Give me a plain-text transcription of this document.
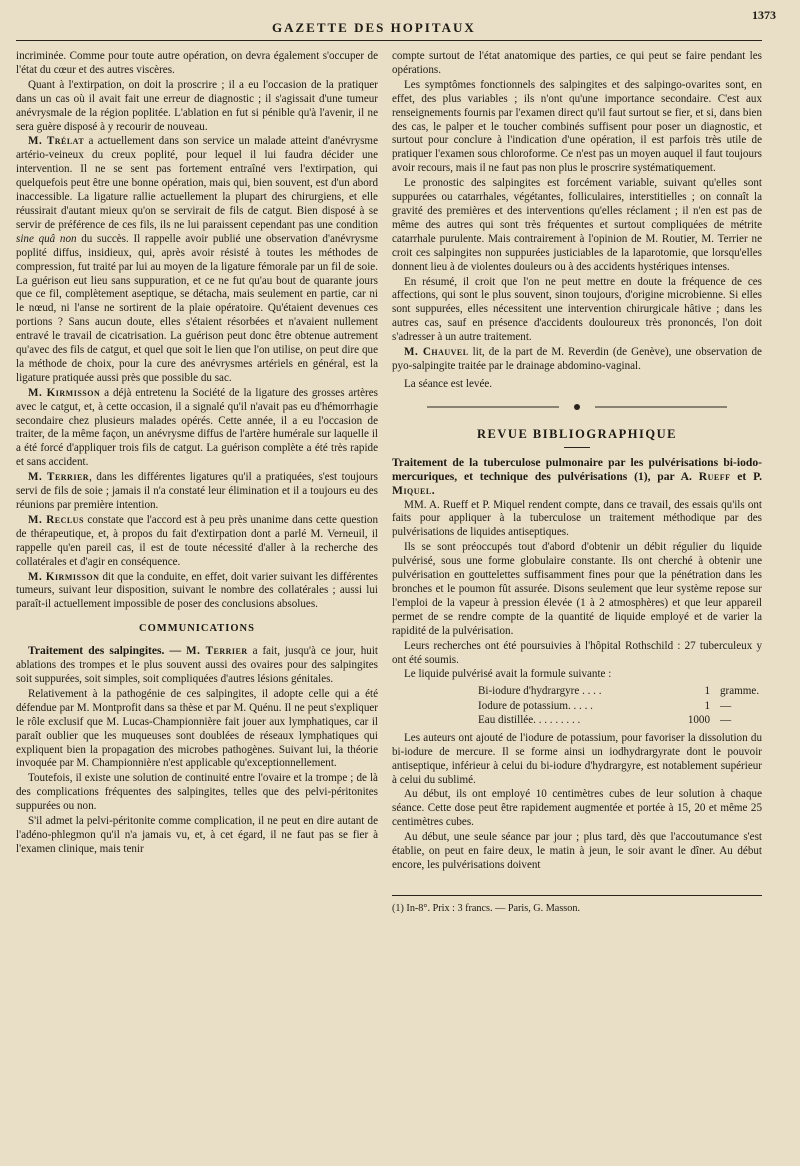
GAZETTE DES HOPITAUX
1373

incriminée. Comme pour toute autre opération, on devra également s'occuper de l'état du cœur et des autres viscères.

Quant à l'extirpation, on doit la proscrire ; il a eu l'occasion de la pratiquer dans un cas où il avait fait une erreur de diagnostic ; il s'agissait d'une tumeur anévrysmale de la région poplitée. L'ablation en fut si pénible qu'à l'avenir, il ne sera guère disposé à y recourir de nouveau.

M. Trélat a actuellement dans son service un malade atteint d'anévrysme artério-veineux du creux poplité, pour lequel il lui faudra décider une intervention. Il ne se sent pas fortement entraîné vers l'extirpation, qui quelquefois peut être une bonne opération, mais qui, bien souvent, est d'un abord inaccessible. La ligature rallie actuellement la plupart des chirurgiens, et elle réussirait d'autant mieux qu'on se servirait de fils de catgut. Bien disposé à se servir de préférence de ces fils, ils ne lui paraissent cependant pas une condition sine quâ non du succès. Il rappelle avoir publié une observation d'anévrysme poplité diffus, insidieux, qui, après avoir résisté à toutes les méthodes de compression, fut traité par lui au moyen de la ligature fémorale par un fil de soie. La guérison eut lieu sans suppuration, et ce ne fut qu'au bout de quarante jours que ce fil, complètement aseptique, se détacha, mais seulement en partie, car ni le nœud, ni l'anse ne sortirent de la plaie opératoire. Qu'étaient devenues ces portions ? Sans aucun doute, elles s'étaient résorbées et n'avaient nullement entravé le travail de cicatrisation. La guérison peut donc être obtenue autrement qu'avec des fils de catgut, et quel que soit le lien que l'on utilise, on peut dire que la méthode de choix, pour la cure des anévrysmes artériels en général, est la ligature pratiquée aussi près que possible du sac.

M. Kirmisson a déjà entretenu la Société de la ligature des grosses artères avec le catgut, et, à cette occasion, il a signalé qu'il n'avait pas eu d'hémorrhagie secondaire chez plusieurs malades opérés. Cette année, il a eu l'occasion de traiter, de la même façon, un anévrysme diffus de l'artère humérale sur laquelle il a été forcé d'appliquer trois fils de catgut. La guérison complète a été très rapide et sans accident.

M. Terrier, dans les différentes ligatures qu'il a pratiquées, s'est toujours servi de fils de soie ; jamais il n'a constaté leur élimination et il a toujours eu des réunions par première intention.

M. Reclus constate que l'accord est à peu près unanime dans cette question de thérapeutique, et, à propos du fait d'extirpation dont a parlé M. Verneuil, il rappelle qu'en pareil cas, il est de toute nécessité d'aller à la recherche des collatérales et d'agir en conséquence.

M. Kirmisson dit que la conduite, en effet, doit varier suivant les différentes tumeurs, suivant leur disposition, suivant le nombre des collatérales ; aussi lui paraît-il actuellement impossible de poser des conclusions absolues.

COMMUNICATIONS

Traitement des salpingites. — M. Terrier a fait, jusqu'à ce jour, huit ablations des trompes et le plus souvent aussi des ovaires pour des salpingites soit suppurées, soit simples, soit compliquées d'autres lésions génitales.

Relativement à la pathogénie de ces salpingites, il adopte celle qui a été défendue par M. Montprofit dans sa thèse et par M. Quénu. Il ne peut s'expliquer le rôle exclusif que M. Lucas-Championnière fait jouer aux lymphatiques, car il paraît oublier que les muqueuses sont doublées de réseaux lymphatiques qui expliquent bien la propagation des microbes pathogènes. Suivant lui, la théorie invoquée par M. Championnière n'est applicable qu'exceptionnellement.

Toutefois, il existe une solution de continuité entre l'ovaire et la trompe ; de là des complications fréquentes des salpingites, telles que des pelvi-péritonites suppurées ou non.

S'il admet la pelvi-péritonite comme complication, il ne peut en dire autant de l'adéno-phlegmon qu'il n'a jamais vu, et, à cet égard, il ne faut pas se fier à l'examen clinique, mais tenir

compte surtout de l'état anatomique des parties, ce qui peut se faire pendant les opérations.

Les symptômes fonctionnels des salpingites et des salpingo-ovarites sont, en effet, des plus variables ; ils n'ont qu'une importance secondaire. C'est aux renseignements fournis par l'examen direct qu'il faut surtout se fier, et si, dans bien des cas, le palper et le toucher combinés suffisent pour poser un diagnostic, et surtout pour conclure à l'indication d'une opération, il est parfois très utile de pratiquer l'examen sous chloroforme. Ce n'est pas un moyen auquel il faut toujours avoir recours, mais il ne faut pas non plus le proscrire systématiquement.

Le pronostic des salpingites est forcément variable, suivant qu'elles sont suppurées ou catarrhales, végétantes, folliculaires, interstitielles ; on connaît la gravité des premières et des interventions qu'elles réclament ; il n'en est pas de même des autres qui sont très fréquentes et surtout compliquées de métrite catarrhale purulente. Mais contrairement à l'opinion de M. Routier, M. Terrier ne croit ces salpingites non suppurées justiciables de la laparotomie, que lorsqu'elles donnent lieu à de violentes douleurs ou à des accidents hystériques intenses.

En résumé, il croit que l'on ne peut mettre en doute la fréquence de ces affections, qui sont le plus souvent, sinon toujours, d'origine microbienne. Si elles sont suppurées, elles nécessitent une intervention chirurgicale hâtive ; dans les autres cas, sauf en présence d'accidents douloureux très prononcés, l'on doit s'adresser à un autre traitement.

M. Chauvel lit, de la part de M. Reverdin (de Genève), une observation de pyo-salpingite traitée par le drainage abdomino-vaginal.

La séance est levée.

REVUE BIBLIOGRAPHIQUE

Traitement de la tuberculose pulmonaire par les pulvérisations bi-iodo-mercuriques, et technique des pulvérisations (1), par A. Rueff et P. Miquel.

MM. A. Rueff et P. Miquel rendent compte, dans ce travail, des essais qu'ils ont faits pour appliquer à la tuberculose un traitement méthodique par des pulvérisations de liquides antiseptiques.

Ils se sont préoccupés tout d'abord d'obtenir un débit régulier du liquide pulvérisé, sous une forme globulaire constante. Ils ont cherché à obtenir une pulvérisation en gouttelettes suffisamment fines pour que la pénétration dans les bronches et le poumon fût assurée. Disons seulement que leur système repose sur l'emploi de la vapeur à pression élevée (1 à 2 atmosphères) et que leur appareil permet de se rendre compte de la quantité de liquide employé et de varier la rapidité de la pulvérisation.

Leurs recherches ont été poursuivies à l'hôpital Rothschild : 27 tuberculeux y ont été soumis.

Le liquide pulvérisé avait la formule suivante :

Bi-iodure d'hydrargyre . . . .	1 gramme.
Iodure de potassium. . . . .	1 —
Eau distillée. . . . . . . . .	1000 —

Les auteurs ont ajouté de l'iodure de potassium, pour favoriser la dissolution du bi-iodure de mercure. Il se forme ainsi un iodhydrargyrate dont le pouvoir antiseptique, inférieur à celui du bi-iodure d'hydrargyre, est notablement supérieur à celui du sublimé.

Au début, ils ont employé 10 centimètres cubes de leur solution à chaque séance. Cette dose peut être rapidement augmentée et portée à 15, 20 et même 25 centimètres cubes.

Au début, une seule séance par jour ; plus tard, dès que l'accoutumance s'est établie, on peut en faire deux, le matin à jeun, le soir avant le dîner. Au début encore, les pulvérisations doivent

(1) In-8°. Prix : 3 francs. — Paris, G. Masson.
